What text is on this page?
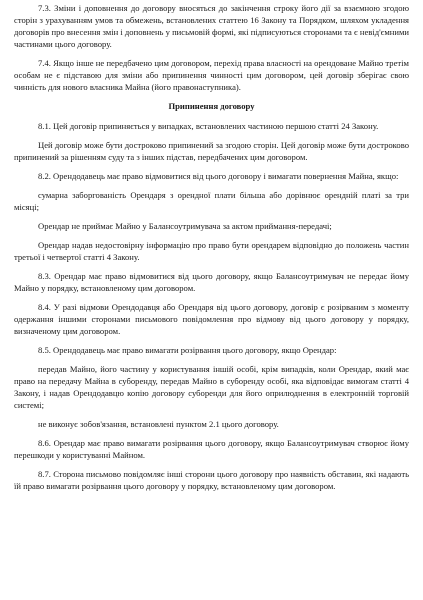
7.3. Зміни і доповнення до договору вносяться до закінчення строку його дії за взаємною згодою сторін з урахуванням умов та обмежень, встановлених статтею 16 Закону та Порядком, шляхом укладення договорів про внесення змін і доповнень у письмовій формі, які підписуються сторонами та є невід'ємними частинами цього договору.

7.4. Якщо інше не передбачено цим договором, перехід права власності на орендоване Майно третім особам не є підставою для зміни або припинення чинності цим договором, цей договір зберігає свою чинність для нового власника Майна (його правонаступника).

Припинення договору

8.1. Цей договір припиняється у випадках, встановлених частиною першою статті 24 Закону.

Цей договір може бути достроково припинений за згодою сторін. Цей договір може бути достроково припинений за рішенням суду та з інших підстав, передбачених цим договором.

8.2. Орендодавець має право відмовитися від цього договору і вимагати повернення Майна, якщо:

сумарна заборгованість Орендаря з орендної плати більша або дорівнює орендній платі за три місяці;

Орендар не приймає Майно у Балансоутримувача за актом приймання-передачі;

Орендар надав недостовірну інформацію про право бути орендарем відповідно до положень частин третьої і четвертої статті 4 Закону.

8.3. Орендар має право відмовитися від цього договору, якщо Балансоутримувач не передає йому Майно у порядку, встановленому цим договором.

8.4. У разі відмови Орендодавця або Орендаря від цього договору, договір є розірваним з моменту одержання іншими сторонами письмового повідомлення про відмову від цього договору у порядку, визначеному цим договором.

8.5. Орендодавець має право вимагати розірвання цього договору, якщо Орендар:

передав Майно, його частину у користування іншій особі, крім випадків, коли Орендар, який має право на передачу Майна в суборенду, передав Майно в суборенду особі, яка відповідає вимогам статті 4 Закону, і надав Орендодавцю копію договору суборенди для його оприлюднення в електронній торговій системі;

не виконує зобов'язання, встановлені пунктом 2.1 цього договору.

8.6. Орендар має право вимагати розірвання цього договору, якщо Балансоутримувач створює йому перешкоди у користуванні Майном.

8.7. Сторона письмово повідомляє інші сторони цього договору про наявність обставин, які надають їй право вимагати розірвання цього договору у порядку, встановленому цим договором.
